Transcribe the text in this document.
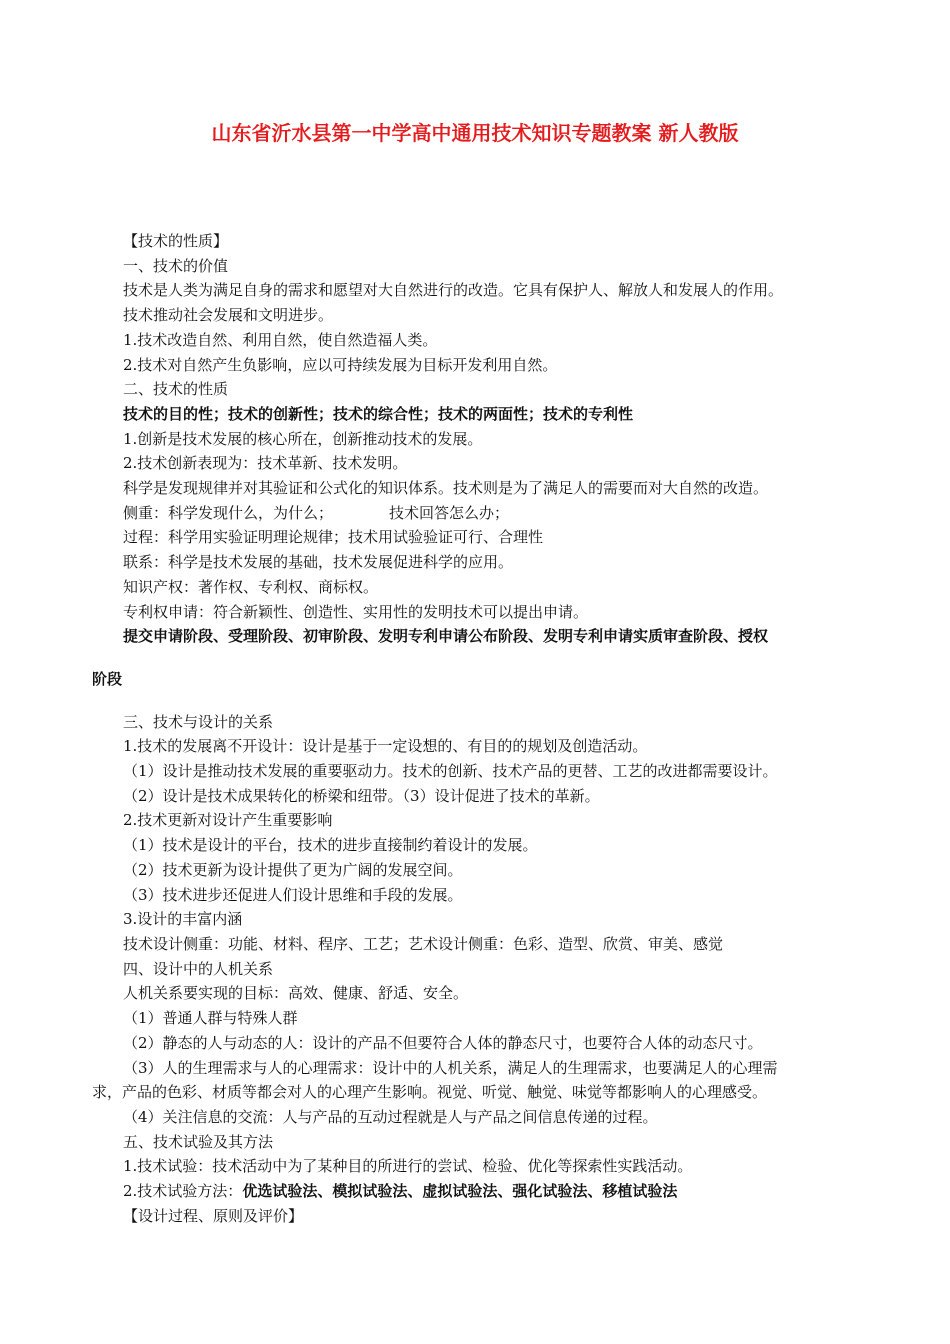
山东省沂水县第一中学高中通用技术知识专题教案 新人教版

【技术的性质】

一、技术的价值

技术是人类为满足自身的需求和愿望对大自然进行的改造。它具有保护人、解放人和发展人的作用。

技术推动社会发展和文明进步。

1.技术改造自然、利用自然，使自然造福人类。

2.技术对自然产生负影响，应以可持续发展为目标开发利用自然。

二、技术的性质

技术的目的性；技术的创新性；技术的综合性；技术的两面性；技术的专利性

1.创新是技术发展的核心所在，创新推动技术的发展。

2.技术创新表现为：技术革新、技术发明。

科学是发现规律并对其验证和公式化的知识体系。技术则是为了满足人的需要而对大自然的改造。

侧重：科学发现什么，为什么；	技术回答怎么办；

过程：科学用实验证明理论规律；技术用试验验证可行、合理性

联系：科学是技术发展的基础，技术发展促进科学的应用。

知识产权：著作权、专利权、商标权。

专利权申请：符合新颖性、创造性、实用性的发明技术可以提出申请。

提交申请阶段、受理阶段、初审阶段、发明专利申请公布阶段、发明专利申请实质审查阶段、授权

阶段

三、技术与设计的关系

1.技术的发展离不开设计：设计是基于一定设想的、有目的的规划及创造活动。

（1）设计是推动技术发展的重要驱动力。技术的创新、技术产品的更替、工艺的改进都需要设计。

（2）设计是技术成果转化的桥梁和纽带。（3）设计促进了技术的革新。

2.技术更新对设计产生重要影响

（1）技术是设计的平台，技术的进步直接制约着设计的发展。

（2）技术更新为设计提供了更为广阔的发展空间。

（3）技术进步还促进人们设计思维和手段的发展。

3.设计的丰富内涵

技术设计侧重：功能、材料、程序、工艺；艺术设计侧重：色彩、造型、欣赏、审美、感觉

四、设计中的人机关系

人机关系要实现的目标：高效、健康、舒适、安全。

（1）普通人群与特殊人群

（2）静态的人与动态的人：设计的产品不但要符合人体的静态尺寸，也要符合人体的动态尺寸。

（3）人的生理需求与人的心理需求：设计中的人机关系，满足人的生理需求，也要满足人的心理需

求，产品的色彩、材质等都会对人的心理产生影响。视觉、听觉、触觉、味觉等都影响人的心理感受。

（4）关注信息的交流：人与产品的互动过程就是人与产品之间信息传递的过程。

五、技术试验及其方法

1.技术试验：技术活动中为了某种目的所进行的尝试、检验、优化等探索性实践活动。

2.技术试验方法：优选试验法、模拟试验法、虚拟试验法、强化试验法、移植试验法

【设计过程、原则及评价】
